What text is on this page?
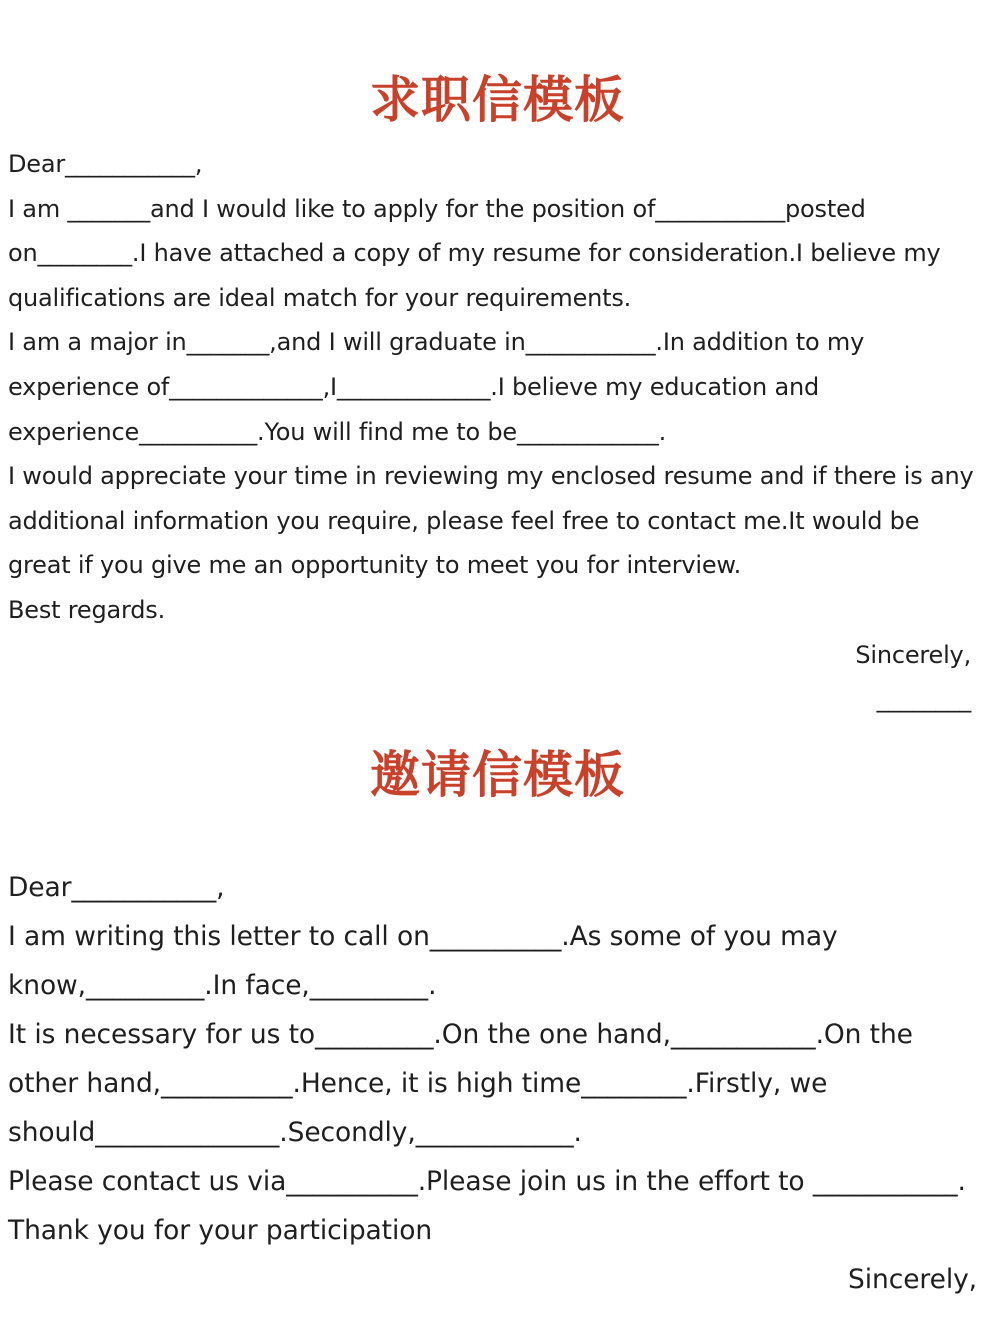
求职信模板

Dear___________,

I am _______and I would like to apply for the position of___________posted

on________.I have attached a copy of my resume for consideration.I believe my

qualifications are ideal match for your requirements.

I am a major in_______,and I will graduate in___________.In addition to my

experience of_____________,I_____________.I believe my education and

experience__________.You will find me to be____________.

I would appreciate your time in reviewing my enclosed resume and if there is any

additional information you require, please feel free to contact me.It would be

great if you give me an opportunity to meet you for interview.

Best regards.

Sincerely,

________

邀请信模板

Dear___________,

I am writing this letter to call on__________.As some of you may

know,_________.In face,_________.

It is necessary for us to_________.On the one hand,___________.On the

other hand,__________.Hence, it is high time________.Firstly, we

should______________.Secondly,____________.

Please contact us via__________.Please join us in the effort to ___________.

Thank you for your participation

Sincerely,
